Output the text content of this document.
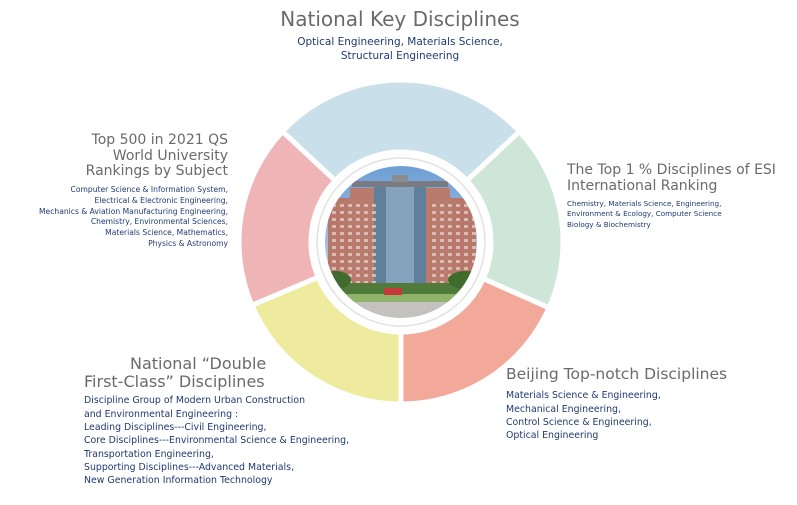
National Key Disciplines
Optical Engineering, Materials Science,
Structural Engineering
The Top 1 % Disciplines of ESI
International Ranking
Chemistry, Materials Science, Engineering,
Environment & Ecology, Computer Science
Biology & Biochemistry
Top 500 in 2021 QS
World University
Rankings by Subject
Computer Science & Information System,
Electrical & Electronic Engineering,
Mechanics & Aviation Manufacturing Engineering,
Chemistry, Environmental Sciences,
Materials Science, Mathematics,
Physics & Astronomy
Beijing Top-notch Disciplines
Materials Science & Engineering,
Mechanical Engineering,
Control Science & Engineering,
Optical Engineering
National “Double
First-Class” Disciplines
Discipline Group of Modern Urban Construction
and Environmental Engineering :
Leading Disciplines---Civil Engineering,
Core Disciplines---Environmental Science & Engineering,
Transportation Engineering,
Supporting Disciplines---Advanced Materials,
New Generation Information Technology
